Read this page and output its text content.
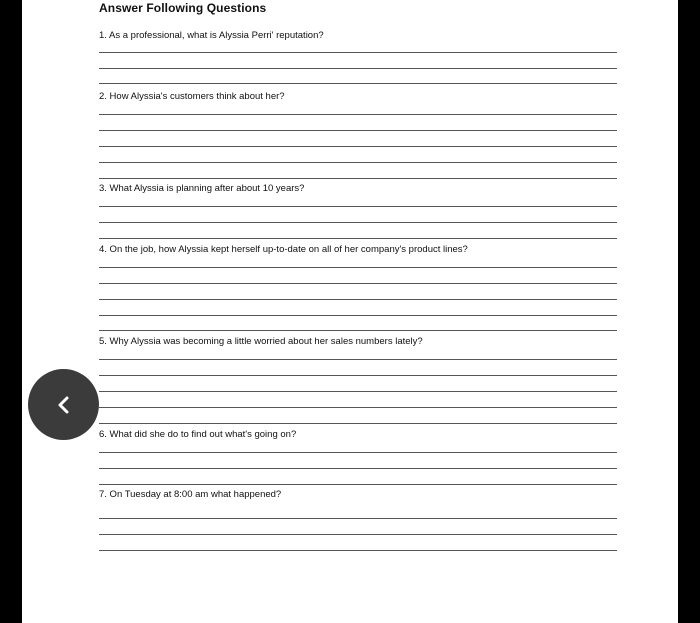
Answer Following Questions

1. As a professional, what is Alyssia Perri' reputation?

2. How Alyssia's customers think about her?

3. What Alyssia is planning after about 10 years?

4. On the job, how Alyssia kept herself up-to-date on all of her company's product lines?

5. Why Alyssia was becoming a little worried about her sales numbers lately?

6. What did she do to find out what's going on?

7. On Tuesday at 8:00 am what happened?
